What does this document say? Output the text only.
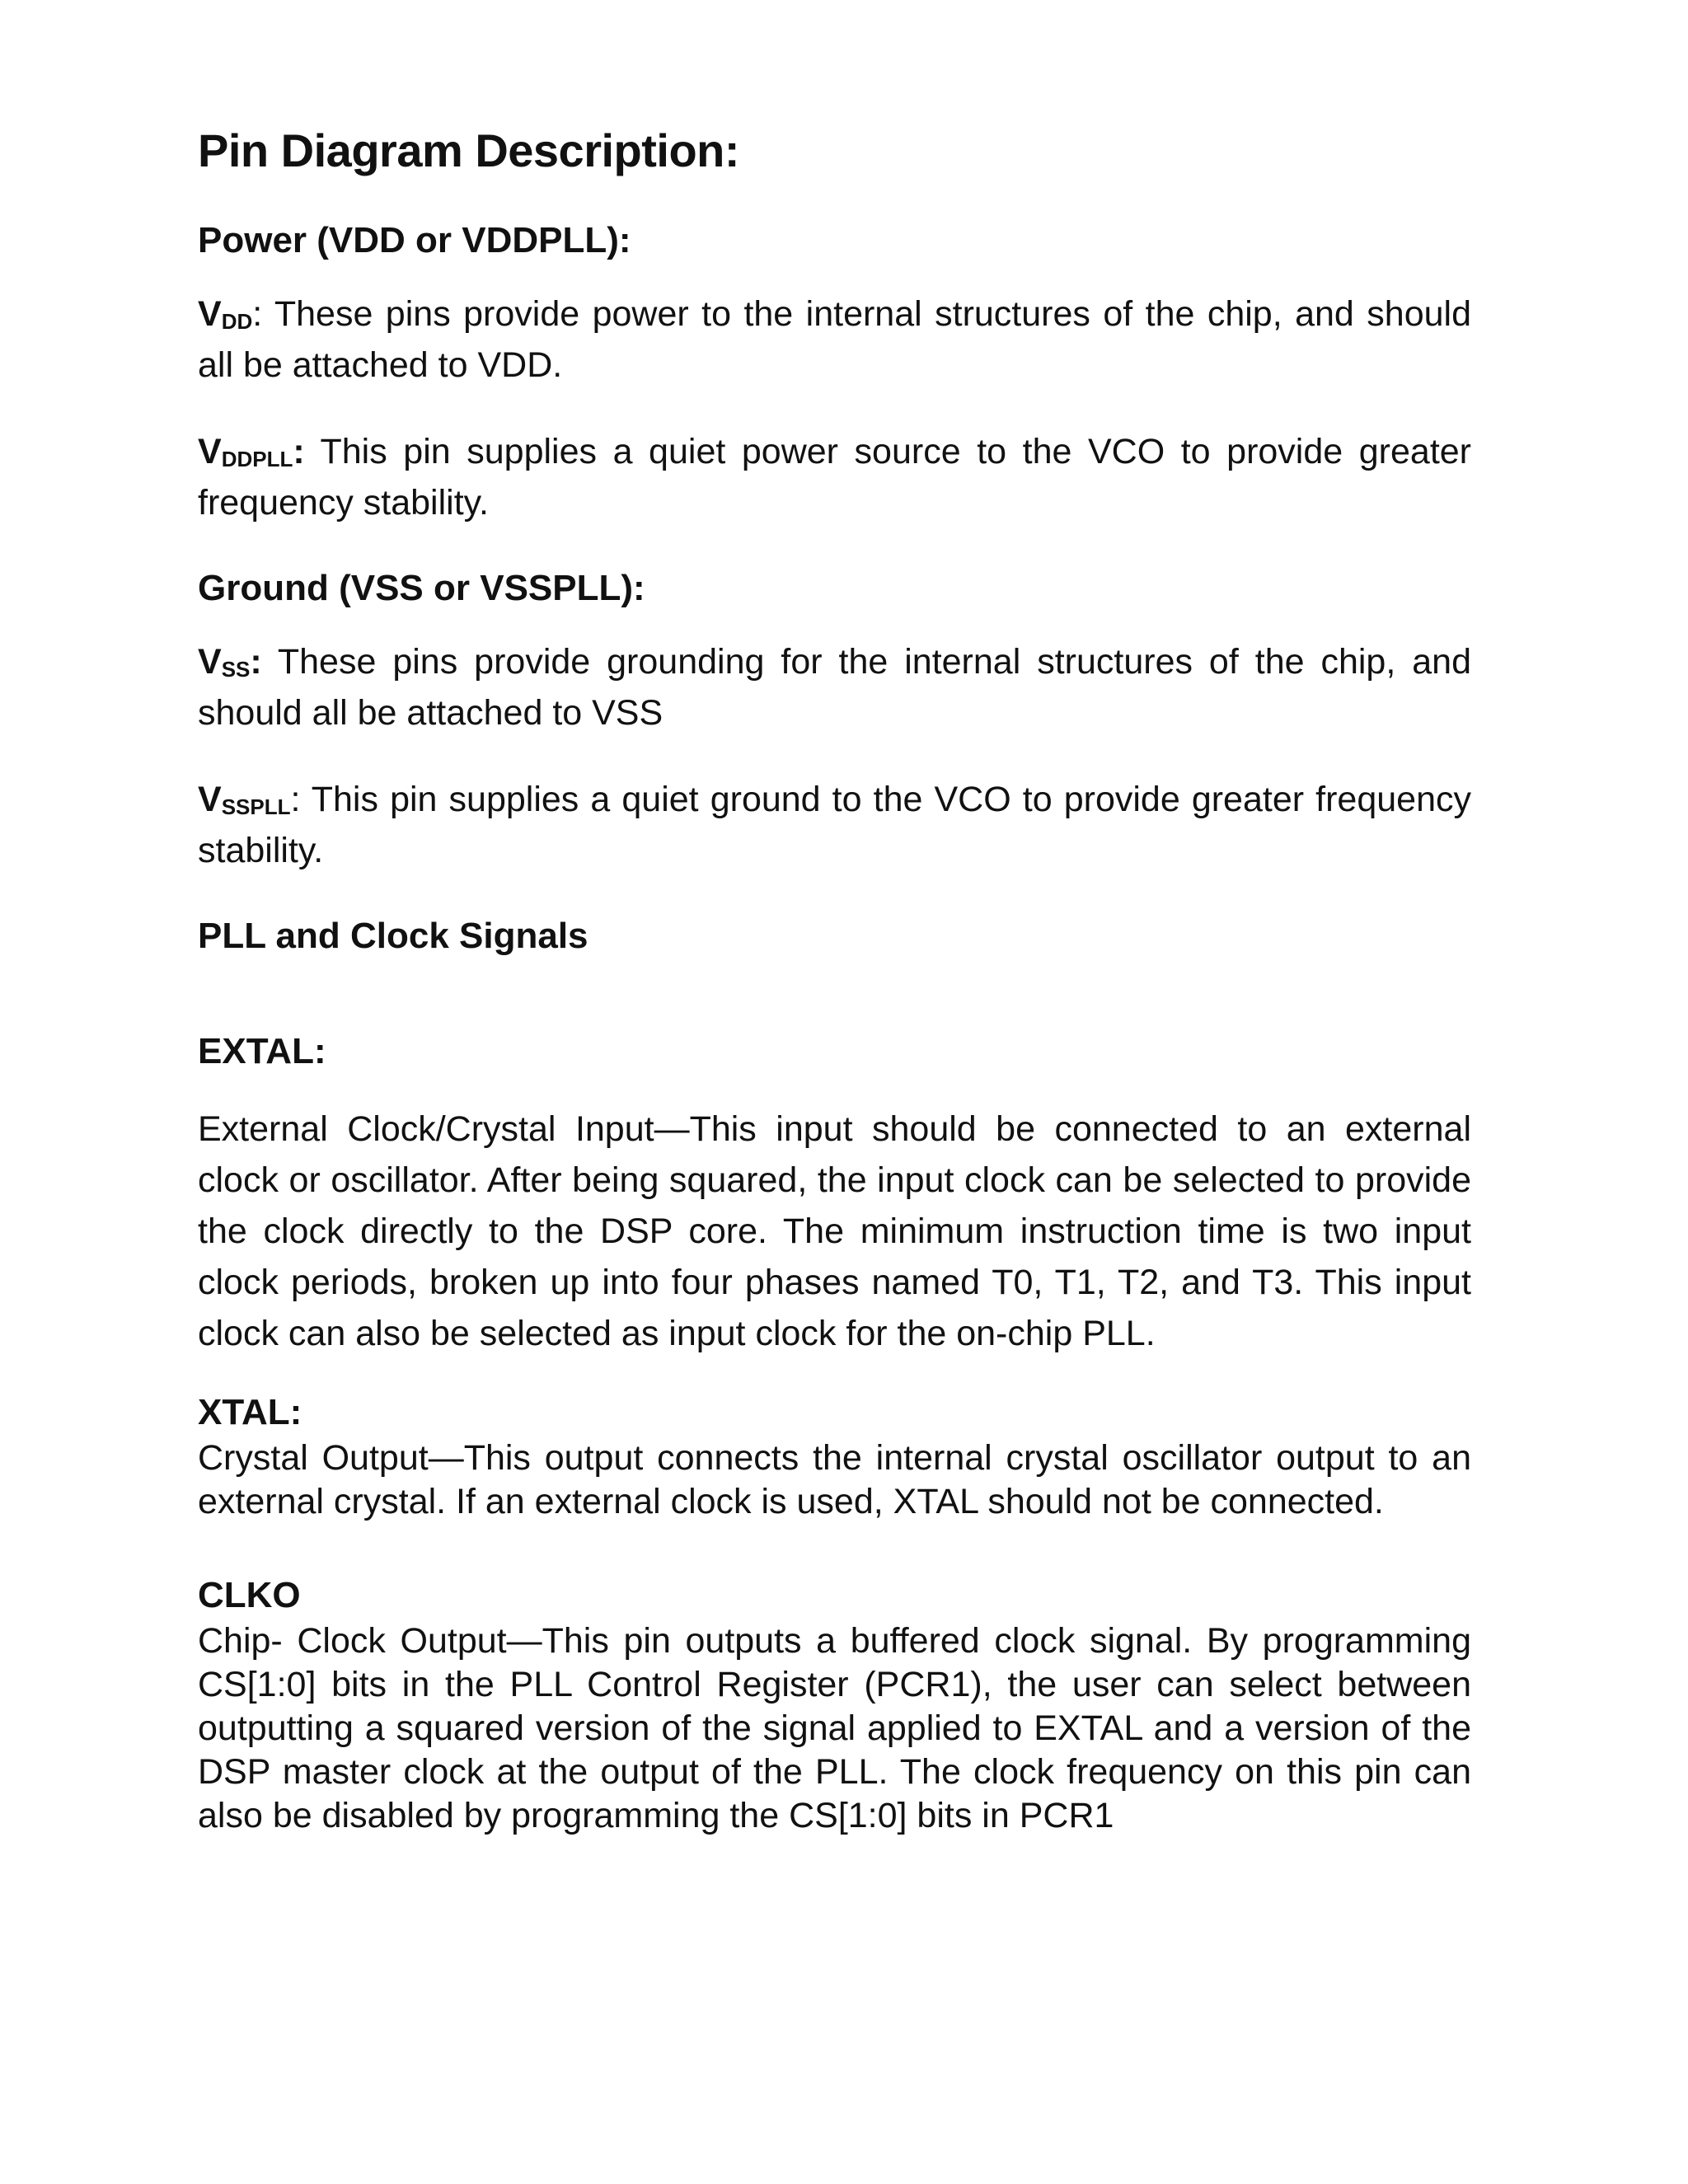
Pin Diagram Description:
Power (VDD or VDDPLL):

$V_{DD}$: These pins provide power to the internal structures of the chip, and should all be attached to VDD.

$V_{DDPLL}$: This pin supplies a quiet power source to the VCO to provide greater frequency stability.

Ground (VSS or VSSPLL):

$V_{SS}$: These pins provide grounding for the internal structures of the chip, and should all be attached to VSS

$V_{SSPLL}$: This pin supplies a quiet ground to the VCO to provide greater frequency stability.

PLL and Clock Signals
EXTAL:

External Clock/Crystal Input—This input should be connected to an external clock or oscillator. After being squared, the input clock can be selected to provide the clock directly to the DSP core. The minimum instruction time is two input clock periods, broken up into four phases named T0, T1, T2, and T3. This input clock can also be selected as input clock for the on-chip PLL.

XTAL:

Crystal Output—This output connects the internal crystal oscillator output to an external crystal. If an external clock is used, XTAL should not be connected.

CLKO

Chip- Clock Output—This pin outputs a buffered clock signal. By programming CS[1:0] bits in the PLL Control Register (PCR1), the user can select between outputting a squared version of the signal applied to EXTAL and a version of the DSP master clock at the output of the PLL. The clock frequency on this pin can also be disabled by programming the CS[1:0] bits in PCR1
